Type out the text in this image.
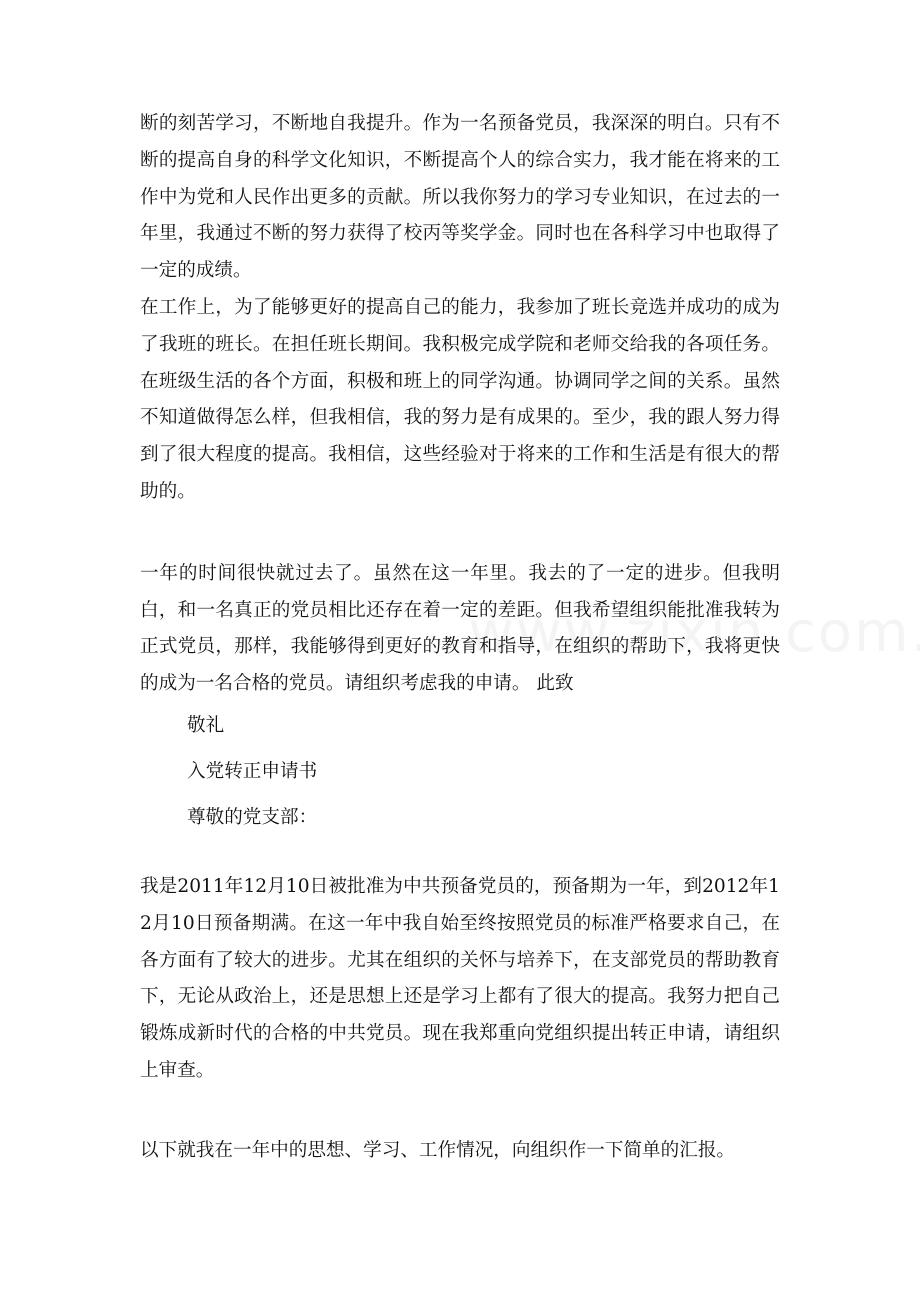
断的刻苦学习，不断地自我提升。作为一名预备党员，我深深的明白。只有不断的提高自身的科学文化知识，不断提高个人的综合实力，我才能在将来的工作中为党和人民作出更多的贡献。所以我你努力的学习专业知识，在过去的一年里，我通过不断的努力获得了校丙等奖学金。同时也在各科学习中也取得了一定的成绩。

在工作上，为了能够更好的提高自己的能力，我参加了班长竞选并成功的成为了我班的班长。在担任班长期间。我积极完成学院和老师交给我的各项任务。在班级生活的各个方面，积极和班上的同学沟通。协调同学之间的关系。虽然不知道做得怎么样，但我相信，我的努力是有成果的。至少，我的跟人努力得到了很大程度的提高。我相信，这些经验对于将来的工作和生活是有很大的帮助的。

一年的时间很快就过去了。虽然在这一年里。我去的了一定的进步。但我明白，和一名真正的党员相比还存在着一定的差距。但我希望组织能批准我转为正式党员，那样，我能够得到更好的教育和指导，在组织的帮助下，我将更快的成为一名合格的党员。请组织考虑我的申请。 此致

敬礼

入党转正申请书

尊敬的党支部：

我是2011年12月10日被批准为中共预备党员的，预备期为一年，到2012年12月10日预备期满。在这一年中我自始至终按照党员的标准严格要求自己，在各方面有了较大的进步。尤其在组织的关怀与培养下，在支部党员的帮助教育下，无论从政治上，还是思想上还是学习上都有了很大的提高。我努力把自己锻炼成新时代的合格的中共党员。现在我郑重向党组织提出转正申请，请组织上审查。

以下就我在一年中的思想、学习、工作情况，向组织作一下简单的汇报。
